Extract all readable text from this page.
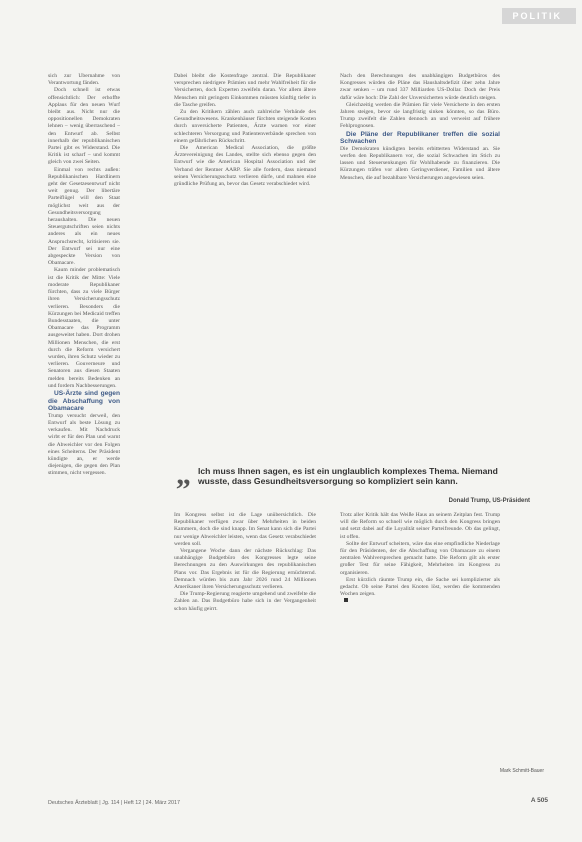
POLITIK

sich zur Übernahme von Verantwortung fänden.

Doch schnell ist etwas offensichtlich: Der erhoffte Applaus für den neuen Wurf bleibt aus. Nicht nur die oppositionellen Demokraten lehnen – wenig überraschend – den Entwurf ab. Selbst innerhalb der republikanischen Partei gibt es Widerstand. Die Kritik ist scharf – und kommt gleich von zwei Seiten.

Einmal von rechts außen: Republikanischen Hardlinern geht der Gesetzesentwurf nicht weit genug. Der libertäre Parteiflügel will den Staat möglichst weit aus der Gesundheitsversorgung heraushalten. Die neuen Steuergutschriften seien nichts anderes als ein neues Anspruchsrecht, kritisieren sie. Der Entwurf sei nur eine abgespeckte Version von Obamacare.

Kaum minder problematisch ist die Kritik der Mitte: Viele moderate Republikaner fürchten, dass zu viele Bürger ihren Versicherungsschutz verlieren. Besonders die Kürzungen bei Medicaid treffen Bundesstaaten, die unter Obamacare das Programm ausgeweitet haben. Dort drohen Millionen Menschen, die erst durch die Reform versichert wurden, ihren Schutz wieder zu verlieren. Gouverneure und Senatoren aus diesen Staaten melden bereits Bedenken an und fordern Nachbesserungen.

US-Ärzte sind gegen die Abschaffung von Obamacare

Trump versucht derweil, den Entwurf als beste Lösung zu verkaufen. Mit Nachdruck wirbt er für den Plan und warnt die Abweichler vor den Folgen eines Scheiterns. Der Präsident kündigte an, er werde diejenigen, die gegen den Plan stimmen, nicht vergessen.

Dabei bleibt die Kostenfrage zentral. Die Republikaner versprechen niedrigere Prämien und mehr Wahlfreiheit für die Versicherten, doch Experten zweifeln daran. Vor allem ältere Menschen mit geringem Einkommen müssten künftig tiefer in die Tasche greifen.

Zu den Kritikern zählen auch zahlreiche Verbände des Gesundheitswesens. Krankenhäuser fürchten steigende Kosten durch unversicherte Patienten, Ärzte warnen vor einer schlechteren Versorgung und Patientenverbände sprechen von einem gefährlichen Rückschritt.

Die American Medical Association, die größte Ärztevereinigung des Landes, stellte sich ebenso gegen den Entwurf wie die American Hospital Association und der Verband der Rentner AARP. Sie alle fordern, dass niemand seinen Versicherungsschutz verlieren dürfe, und mahnen eine gründliche Prüfung an, bevor das Gesetz verabschiedet wird.

Nach den Berechnungen des unabhängigen Budgetbüros des Kongresses würden die Pläne das Haushaltsdefizit über zehn Jahre zwar senken – um rund 337 Milliarden US-Dollar. Doch der Preis dafür wäre hoch: Die Zahl der Unversicherten würde deutlich steigen.

Gleichzeitig werden die Prämien für viele Versicherte in den ersten Jahren steigen, bevor sie langfristig sinken könnten, so das Büro. Trump zweifelt die Zahlen dennoch an und verweist auf frühere Fehlprognosen.

Die Pläne der Republikaner treffen die sozial Schwachen

Die Demokraten kündigten bereits erbitterten Widerstand an. Sie werfen den Republikanern vor, die sozial Schwachen im Stich zu lassen und Steuersenkungen für Wohlhabende zu finanzieren. Die Kürzungen träfen vor allem Geringverdiener, Familien und ältere Menschen, die auf bezahlbare Versicherungen angewiesen seien.

„ Ich muss Ihnen sagen, es ist ein unglaublich komplexes Thema. Niemand wusste, dass Gesundheitsversorgung so kompliziert sein kann.
Donald Trump, US-Präsident

Im Kongress selbst ist die Lage unübersichtlich. Die Republikaner verfügen zwar über Mehrheiten in beiden Kammern, doch die sind knapp. Im Senat kann sich die Partei nur wenige Abweichler leisten, wenn das Gesetz verabschiedet werden soll.

Vergangene Woche dann der nächste Rückschlag: Das unabhängige Budgetbüro des Kongresses legte seine Berechnungen zu den Auswirkungen des republikanischen Plans vor. Das Ergebnis ist für die Regierung ernüchternd. Demnach würden bis zum Jahr 2026 rund 24 Millionen Amerikaner ihren Versicherungsschutz verlieren.

Die Trump-Regierung reagierte umgehend und zweifelte die Zahlen an. Das Budgetbüro habe sich in der Vergangenheit schon häufig geirrt.

Trotz aller Kritik hält das Weiße Haus an seinem Zeitplan fest. Trump will die Reform so schnell wie möglich durch den Kongress bringen und setzt dabei auf die Loyalität seiner Parteifreunde. Ob das gelingt, ist offen.

Sollte der Entwurf scheitern, wäre das eine empfindliche Niederlage für den Präsidenten, der die Abschaffung von Obamacare zu einem zentralen Wahlversprechen gemacht hatte. Die Reform gilt als erster großer Test für seine Fähigkeit, Mehrheiten im Kongress zu organisieren.

Erst kürzlich räumte Trump ein, die Sache sei komplizierter als gedacht. Ob seine Partei den Knoten löst, werden die kommenden Wochen zeigen.

Mark Schmitt-Bauer
Deutsches Ärzteblatt | Jg. 114 | Heft 12 | 24. März 2017	A 505
